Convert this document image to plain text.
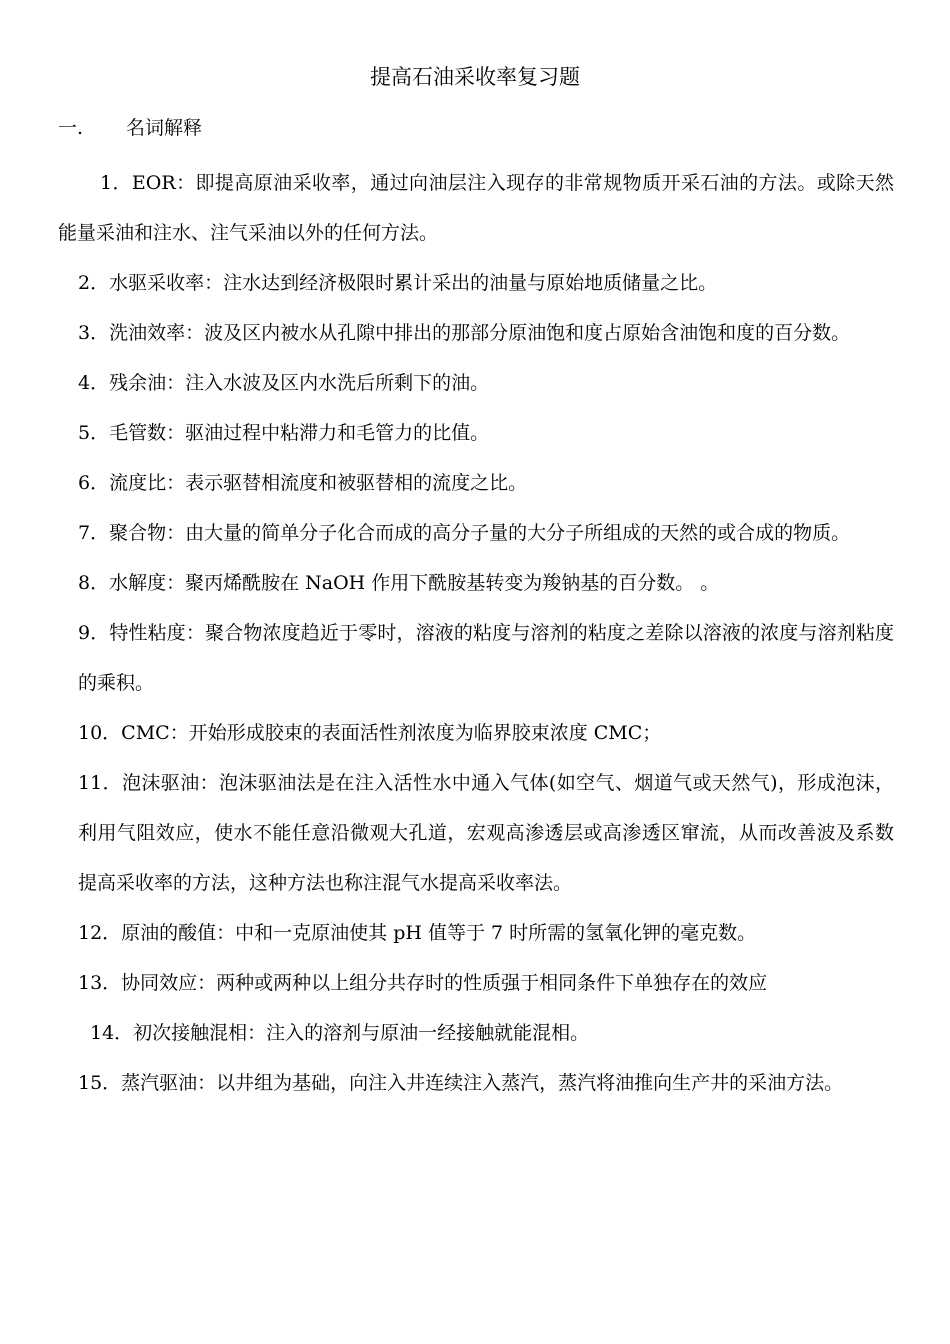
提高石油采收率复习题
一. 名词解释

1．EOR：即提高原油采收率，通过向油层注入现存的非常规物质开采石油的方法。或除天然能量采油和注水、注气采油以外的任何方法。

2．水驱采收率：注水达到经济极限时累计采出的油量与原始地质储量之比。

3．洗油效率：波及区内被水从孔隙中排出的那部分原油饱和度占原始含油饱和度的百分数。

4．残余油：注入水波及区内水洗后所剩下的油。

5．毛管数：驱油过程中粘滞力和毛管力的比值。

6．流度比：表示驱替相流度和被驱替相的流度之比。

7．聚合物：由大量的简单分子化合而成的高分子量的大分子所组成的天然的或合成的物质。

8．水解度：聚丙烯酰胺在 NaOH 作用下酰胺基转变为羧钠基的百分数。 。

9．特性粘度：聚合物浓度趋近于零时，溶液的粘度与溶剂的粘度之差除以溶液的浓度与溶剂粘度的乘积。

10．CMC：开始形成胶束的表面活性剂浓度为临界胶束浓度 CMC；

11．泡沫驱油：泡沫驱油法是在注入活性水中通入气体(如空气、烟道气或天然气)，形成泡沫，利用气阻效应，使水不能任意沿微观大孔道，宏观高渗透层或高渗透区窜流，从而改善波及系数提高采收率的方法，这种方法也称注混气水提高采收率法。

12．原油的酸值：中和一克原油使其 pH 值等于 7 时所需的氢氧化钾的毫克数。

13．协同效应：两种或两种以上组分共存时的性质强于相同条件下单独存在的效应

14．初次接触混相：注入的溶剂与原油一经接触就能混相。

15．蒸汽驱油：以井组为基础，向注入井连续注入蒸汽，蒸汽将油推向生产井的采油方法。
